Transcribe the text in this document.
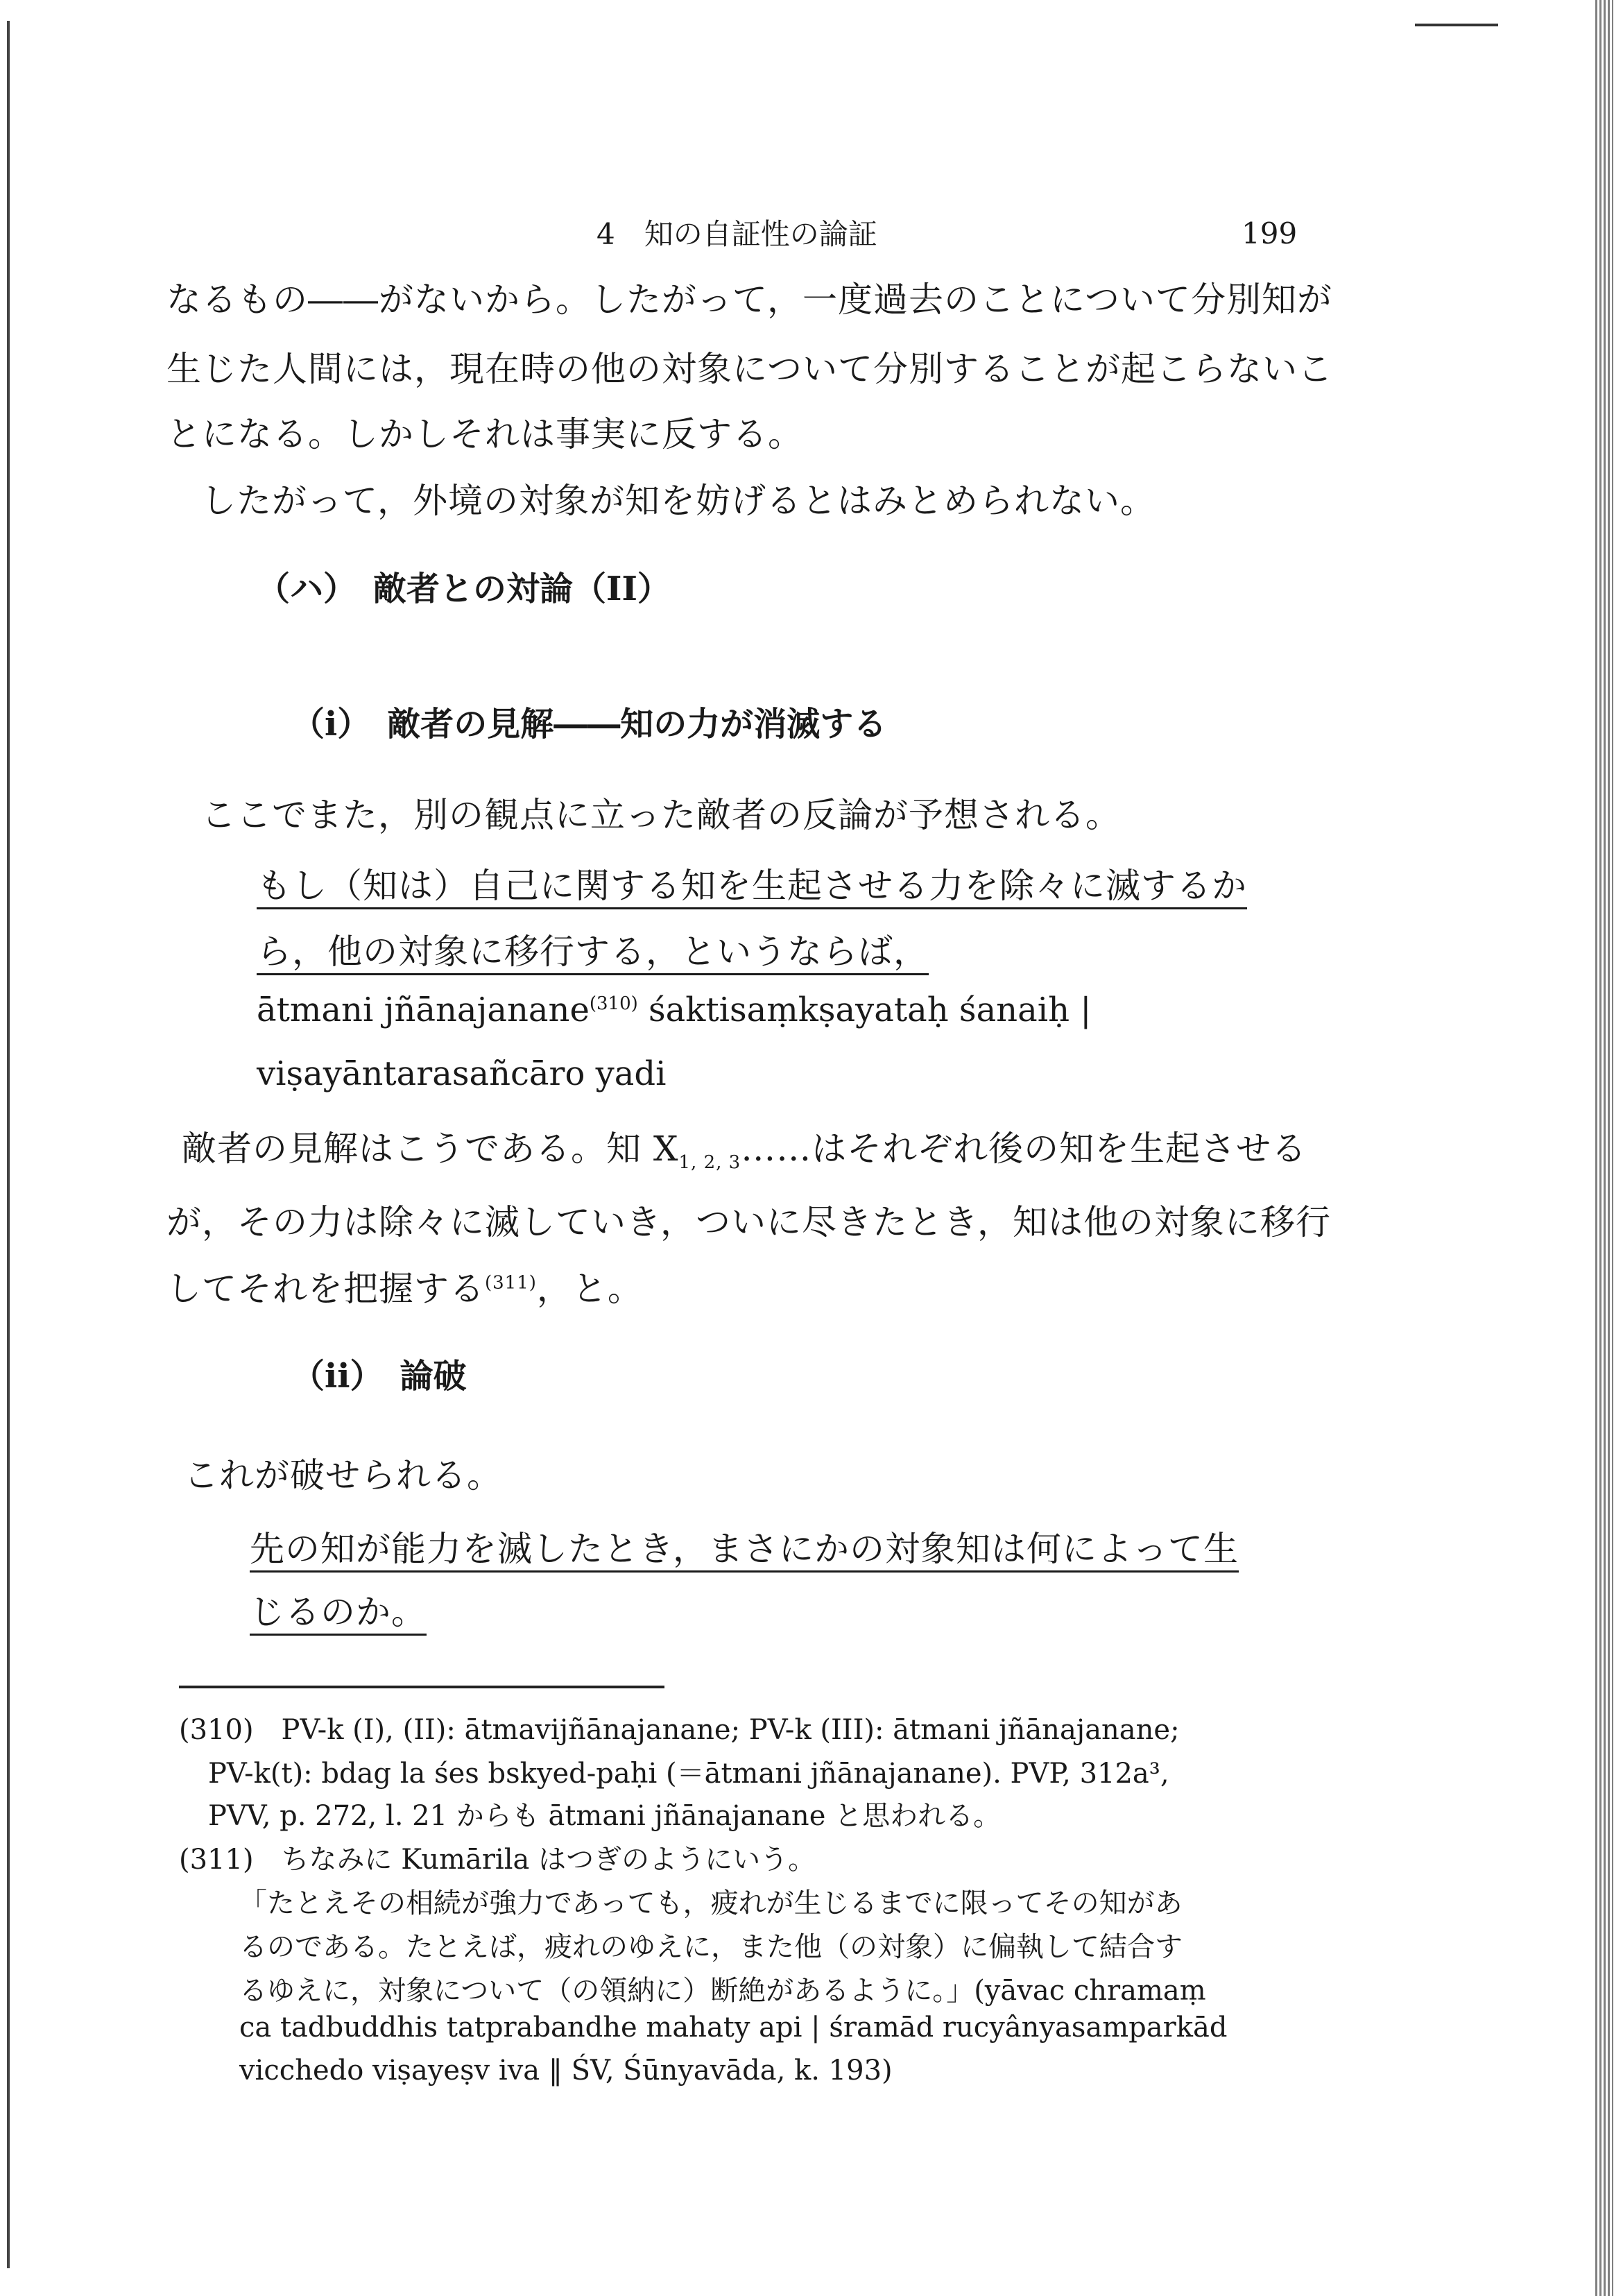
4　知の自証性の論証	199
なるもの――がないから。したがって，一度過去のことについて分別知が
生じた人間には，現在時の他の対象について分別することが起こらないこ
とになる。しかしそれは事実に反する。
したがって，外境の対象が知を妨げるとはみとめられない。
（ハ）　敵者との対論（II）
（i）　敵者の見解――知の力が消滅する
ここでまた，別の観点に立った敵者の反論が予想される。
もし（知は）自己に関する知を生起させる力を除々に滅するか
ら，他の対象に移行する，というならば，
ātmani jñānajanane$^{(310)}$ śaktisaṃkṣayataḥ śanaiḥ |
viṣayāntarasañcāro yadi
敵者の見解はこうである。知 $X_{1, 2, 3}\dots\dots$はそれぞれ後の知を生起させる
が，その力は除々に滅していき，ついに尽きたとき，知は他の対象に移行
してそれを把握する$^{(311)}$，と。
（ii）　論破
これが破せられる。
先の知が能力を滅したとき，まさにかの対象知は何によって生
じるのか。
(310)　PV-k (I), (II): ātmavijñānajanane; PV-k (III): ātmani jñānajanane;
PV-k(t): bdag la śes bskyed-paḥi (＝ātmani jñānajanane). PVP, 312a³,
PVV, p. 272, l. 21 からも ātmani jñānajanane と思われる。
(311)　ちなみに Kumārila はつぎのようにいう。
「たとえその相続が強力であっても，疲れが生じるまでに限ってその知があ
るのである。たとえば，疲れのゆえに，また他（の対象）に偏執して結合す
るゆえに，対象について（の領納に）断絶があるように。」(yāvac chramaṃ
ca tadbuddhis tatprabandhe mahaty api | śramād rucyânyasamparkād
vicchedo viṣayeṣv iva ‖ ŚV, Śūnyavāda, k. 193)
